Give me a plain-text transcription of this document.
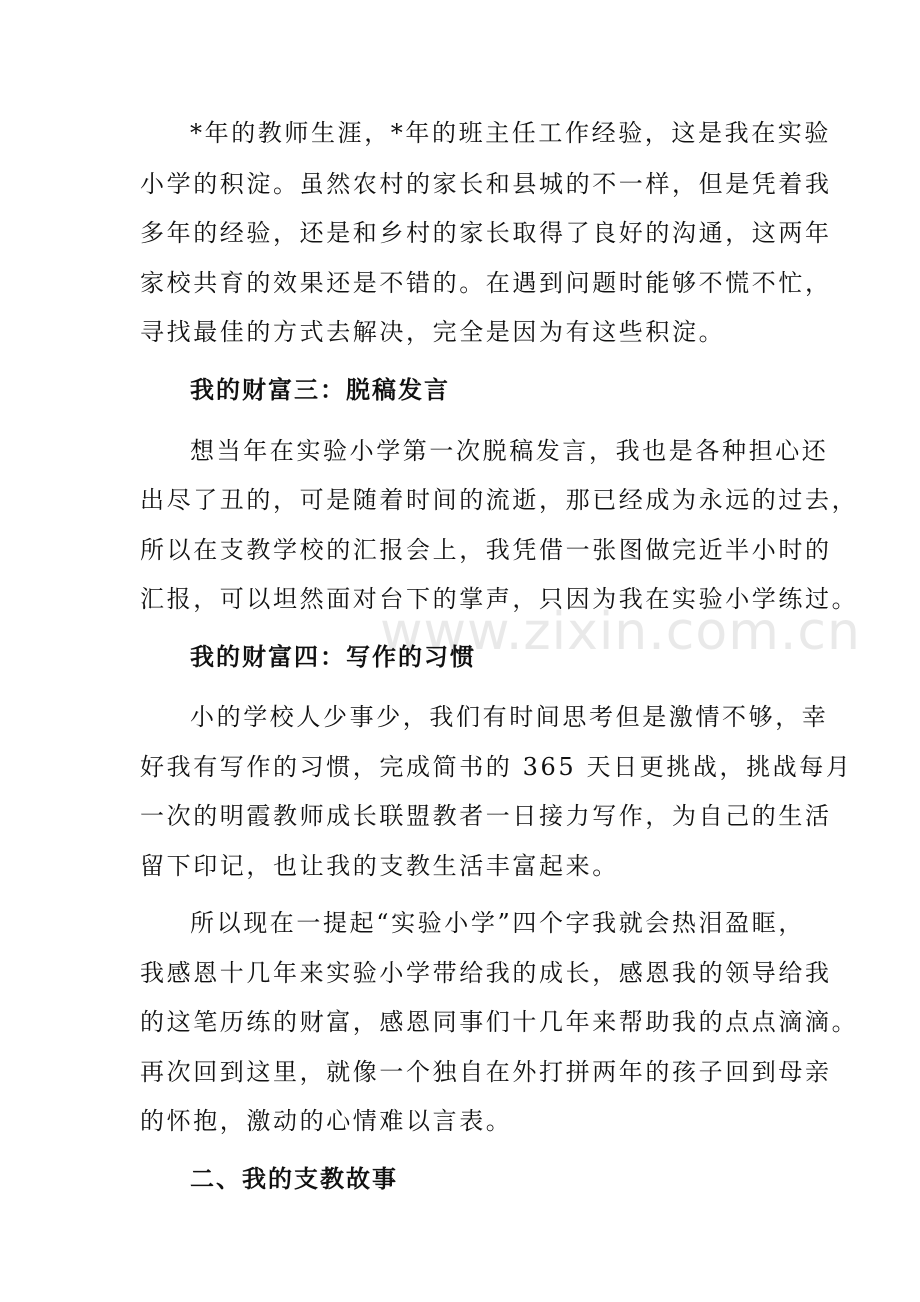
www.zixin.com.cn
*年的教师生涯，*年的班主任工作经验，这是我在实验
小学的积淀。虽然农村的家长和县城的不一样，但是凭着我
多年的经验，还是和乡村的家长取得了良好的沟通，这两年
家校共育的效果还是不错的。在遇到问题时能够不慌不忙，
寻找最佳的方式去解决，完全是因为有这些积淀。
我的财富三：脱稿发言
想当年在实验小学第一次脱稿发言，我也是各种担心还
出尽了丑的，可是随着时间的流逝，那已经成为永远的过去，
所以在支教学校的汇报会上，我凭借一张图做完近半小时的
汇报，可以坦然面对台下的掌声，只因为我在实验小学练过。
我的财富四：写作的习惯
小的学校人少事少，我们有时间思考但是激情不够，幸
好我有写作的习惯，完成简书的 365 天日更挑战，挑战每月
一次的明霞教师成长联盟教者一日接力写作，为自己的生活
留下印记，也让我的支教生活丰富起来。
所以现在一提起“实验小学”四个字我就会热泪盈眶，
我感恩十几年来实验小学带给我的成长，感恩我的领导给我
的这笔历练的财富，感恩同事们十几年来帮助我的点点滴滴。
再次回到这里，就像一个独自在外打拼两年的孩子回到母亲
的怀抱，激动的心情难以言表。
二、我的支教故事
